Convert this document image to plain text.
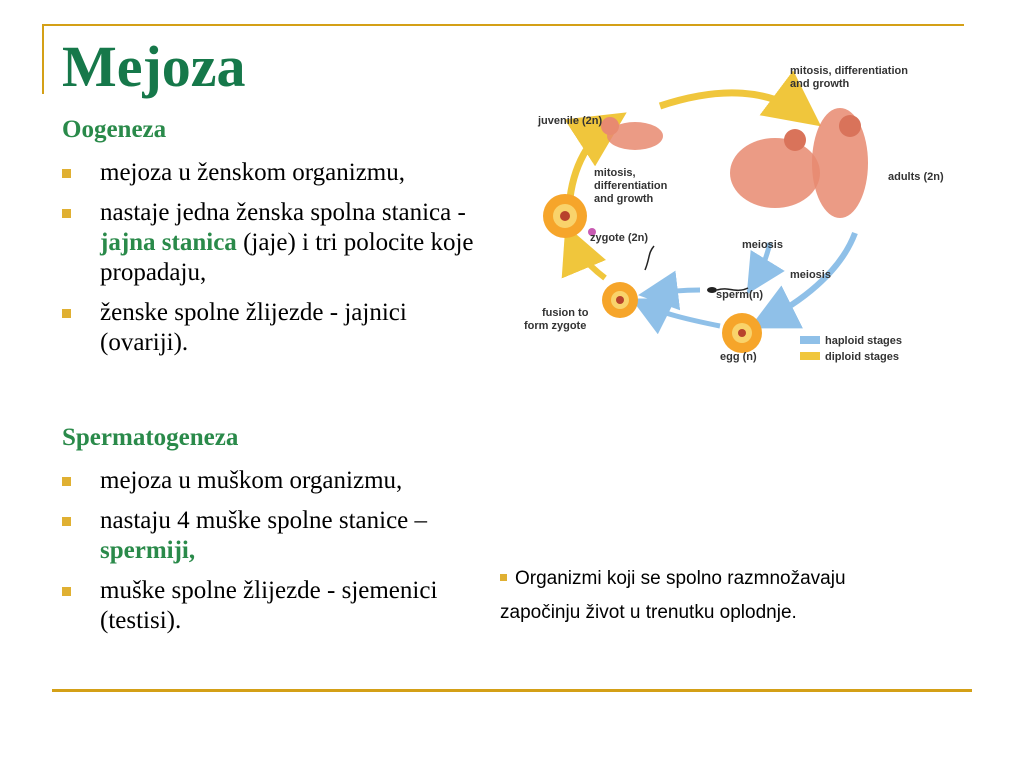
Mejoza
Oogeneza
mejoza u ženskom organizmu,
nastaje jedna ženska spolna stanica - jajna stanica (jaje) i tri polocite koje propadaju,
ženske spolne žlijezde - jajnici (ovariji).
Spermatogeneza
mejoza u muškom organizmu,
nastaju 4 muške spolne stanice – spermiji,
muške spolne žlijezde - sjemenici (testisi).
mitosis, differentiation
and growth
juvenile (2n)
mitosis,
differentiation
and growth
adults (2n)
zygote (2n)
meiosis
meiosis
sperm(n)
fusion to
form zygote
egg (n)
haploid stages
diploid stages
Organizmi koji se spolno razmnožavaju
započinju život u trenutku oplodnje.
